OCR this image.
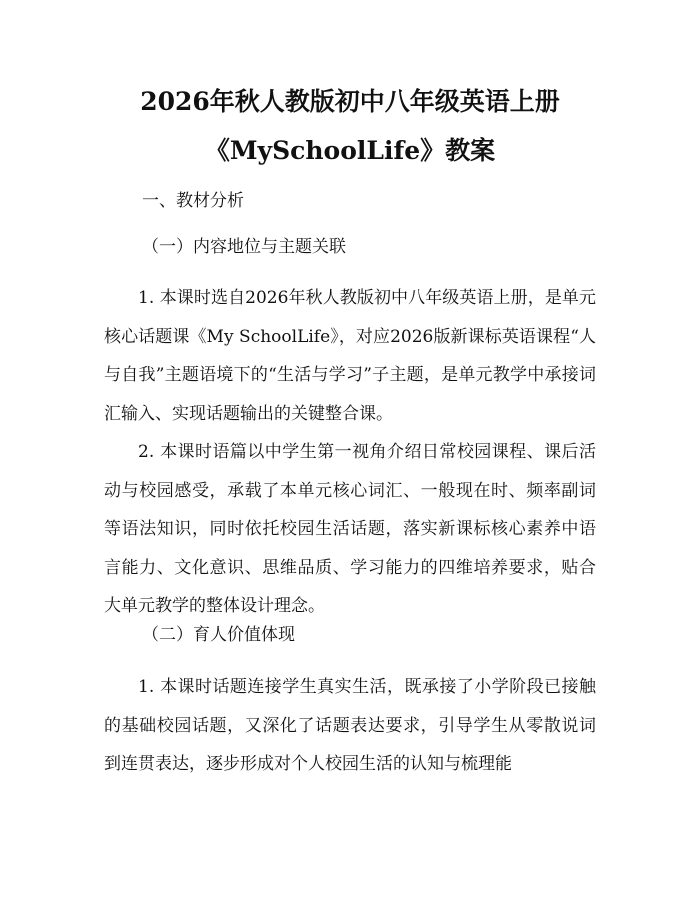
2026年秋人教版初中八年级英语上册
《MySchoolLife》教案
一、教材分析
（一）内容地位与主题关联

1. 本课时选自2026年秋人教版初中八年级英语上册，是单元核心话题课《My SchoolLife》，对应2026版新课标英语课程“人与自我”主题语境下的“生活与学习”子主题，是单元教学中承接词汇输入、实现话题输出的关键整合课。

2. 本课时语篇以中学生第一视角介绍日常校园课程、课后活动与校园感受，承载了本单元核心词汇、一般现在时、频率副词等语法知识，同时依托校园生活话题，落实新课标核心素养中语言能力、文化意识、思维品质、学习能力的四维培养要求，贴合大单元教学的整体设计理念。

（二）育人价值体现

1. 本课时话题连接学生真实生活，既承接了小学阶段已接触的基础校园话题，又深化了话题表达要求，引导学生从零散说词到连贯表达，逐步形成对个人校园生活的认知与梳理能
